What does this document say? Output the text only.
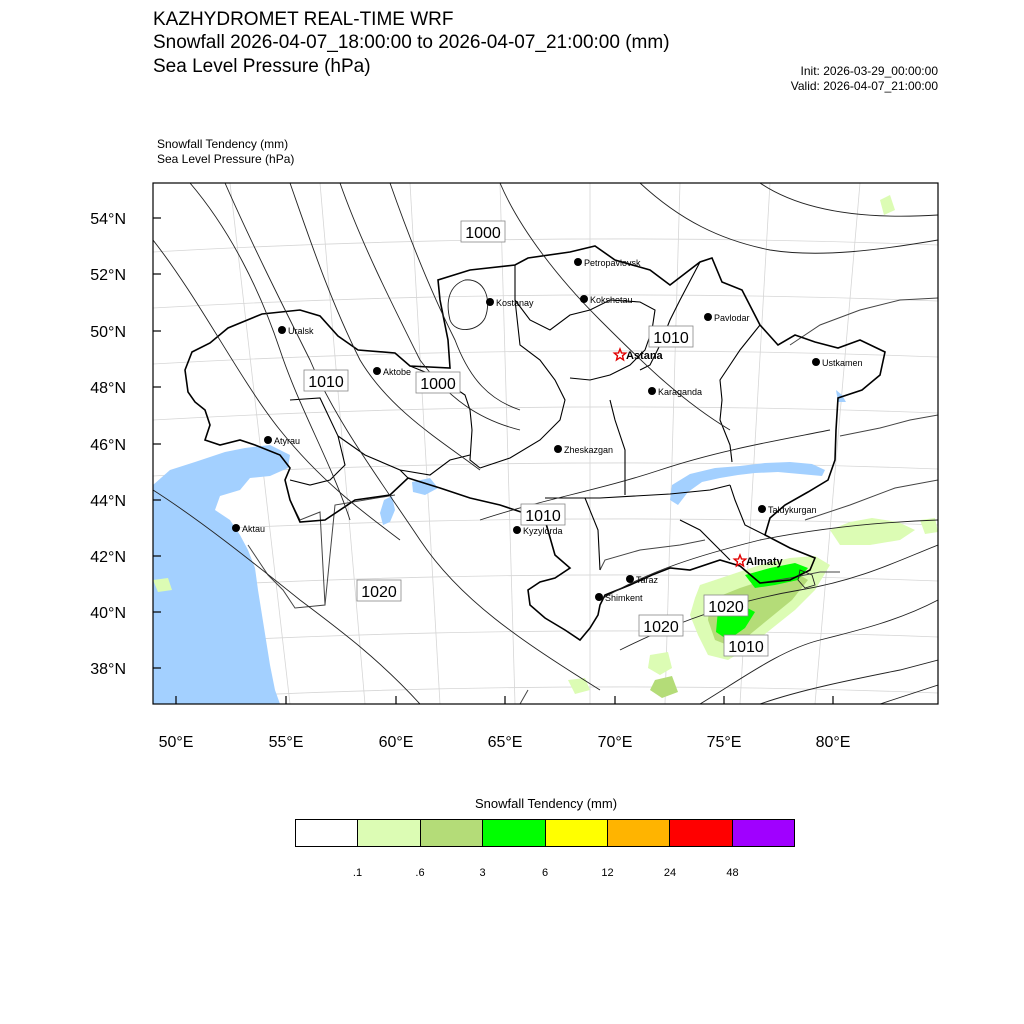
KAZHYDROMET REAL-TIME WRF
Snowfall 2026-04-07_18:00:00 to 2026-04-07_21:00:00 (mm)
Sea Level Pressure (hPa)	Init: 2026-03-29_00:00:00
Valid: 2026-04-07_21:00:00
Snowfall Tendency (mm)
Sea Level Pressure (hPa)
54°N
52°N
50°N
48°N
46°N
44°N
42°N
40°N
38°N
50°E	55°E	60°E	65°E	70°E	75°E	80°E
1000
1010	1000
1010
1010
1020
1020
1020
1010
Petropavlovsk
Kostanay	Kokshetau
Pavlodar
Uralsk
Astana
Aktobe
Ustkamen
Karaganda
Atyrau
Zheskazgan
Aktau	Kyzylorda
Taldykurgan
Almaty
Taraz
Shimkent
Snowfall Tendency (mm)
.1	.6	3	6	12	24	48
